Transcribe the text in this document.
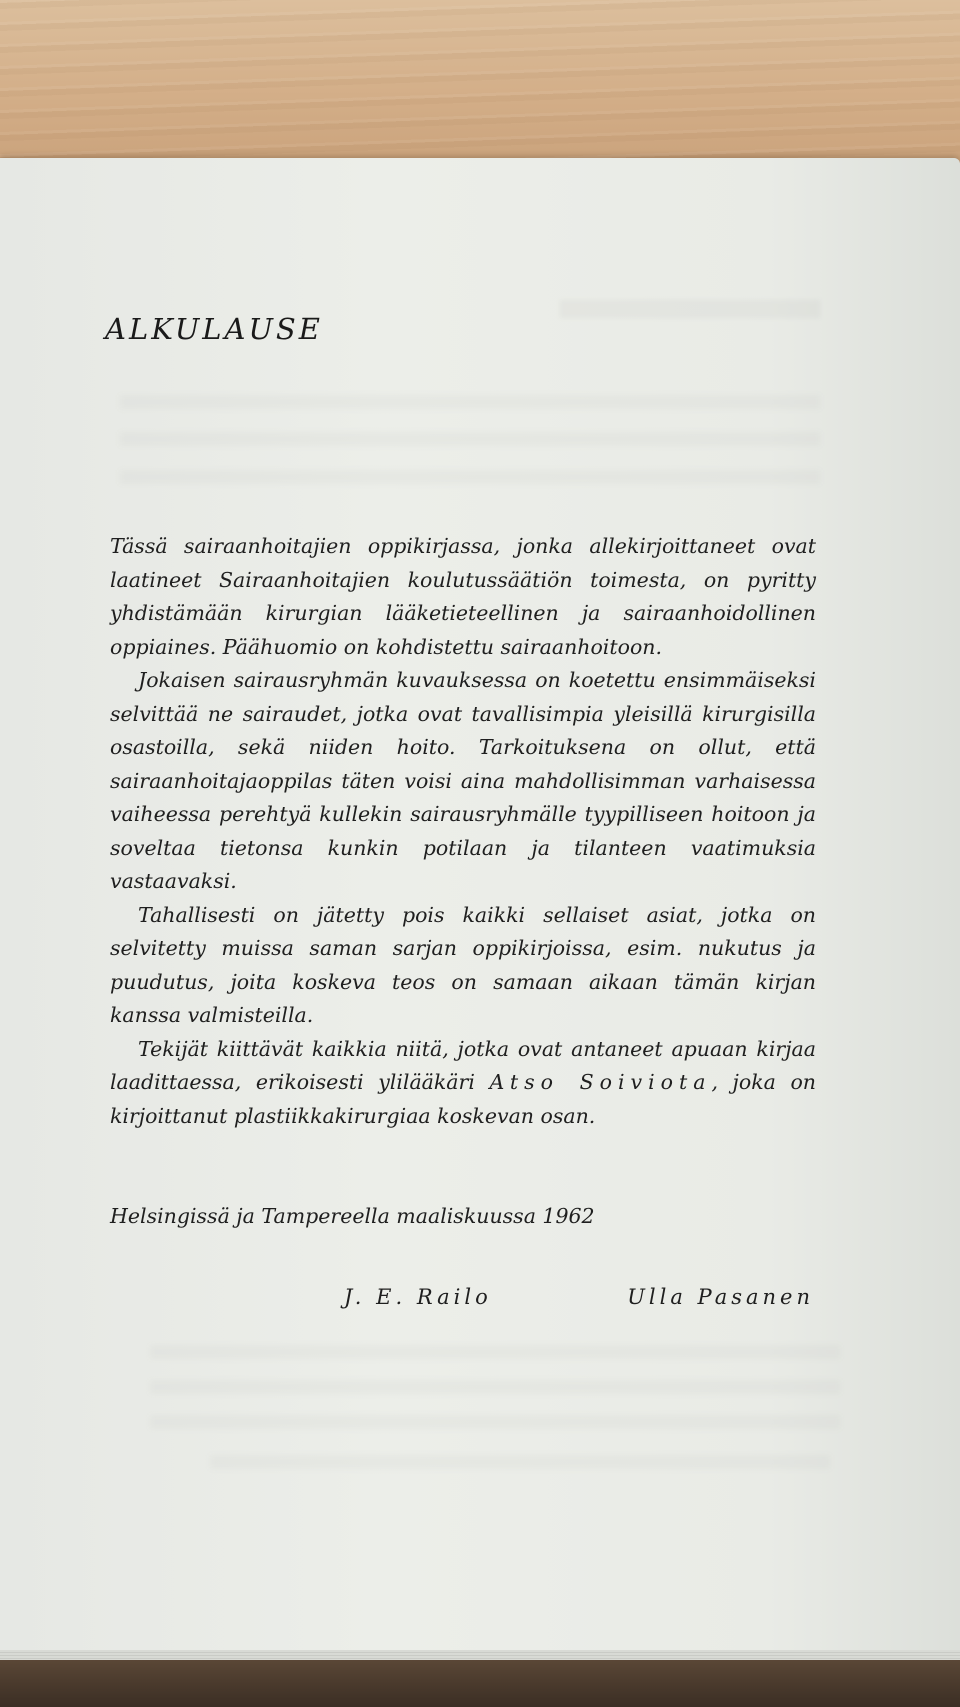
ALKULAUSE

Tässä sairaanhoitajien oppikirjassa, jonka allekirjoittaneet ovat laatineet Sairaanhoitajien koulutussäätiön toimesta, on pyritty yhdistämään kirurgian lääketieteellinen ja sairaanhoidollinen oppiaines. Päähuomio on kohdistettu sairaanhoitoon.

Jokaisen sairausryhmän kuvauksessa on koetettu ensimmäiseksi selvittää ne sairaudet, jotka ovat tavallisimpia yleisillä kirurgisilla osastoilla, sekä niiden hoito. Tarkoituksena on ollut, että sairaanhoitajaoppilas täten voisi aina mahdollisimman varhaisessa vaiheessa perehtyä kullekin sairausryhmälle tyypilliseen hoitoon ja soveltaa tietonsa kunkin potilaan ja tilanteen vaatimuksia vastaavaksi.

Tahallisesti on jätetty pois kaikki sellaiset asiat, jotka on selvitetty muissa saman sarjan oppikirjoissa, esim. nukutus ja puudutus, joita koskeva teos on samaan aikaan tämän kirjan kanssa valmisteilla.

Tekijät kiittävät kaikkia niitä, jotka ovat antaneet apuaan kirjaa laadittaessa, erikoisesti ylilääkäri Atso Soiviota, joka on kirjoittanut plastiikkakirurgiaa koskevan osan.

Helsingissä ja Tampereella maaliskuussa 1962

J. E. Railo	Ulla Pasanen
